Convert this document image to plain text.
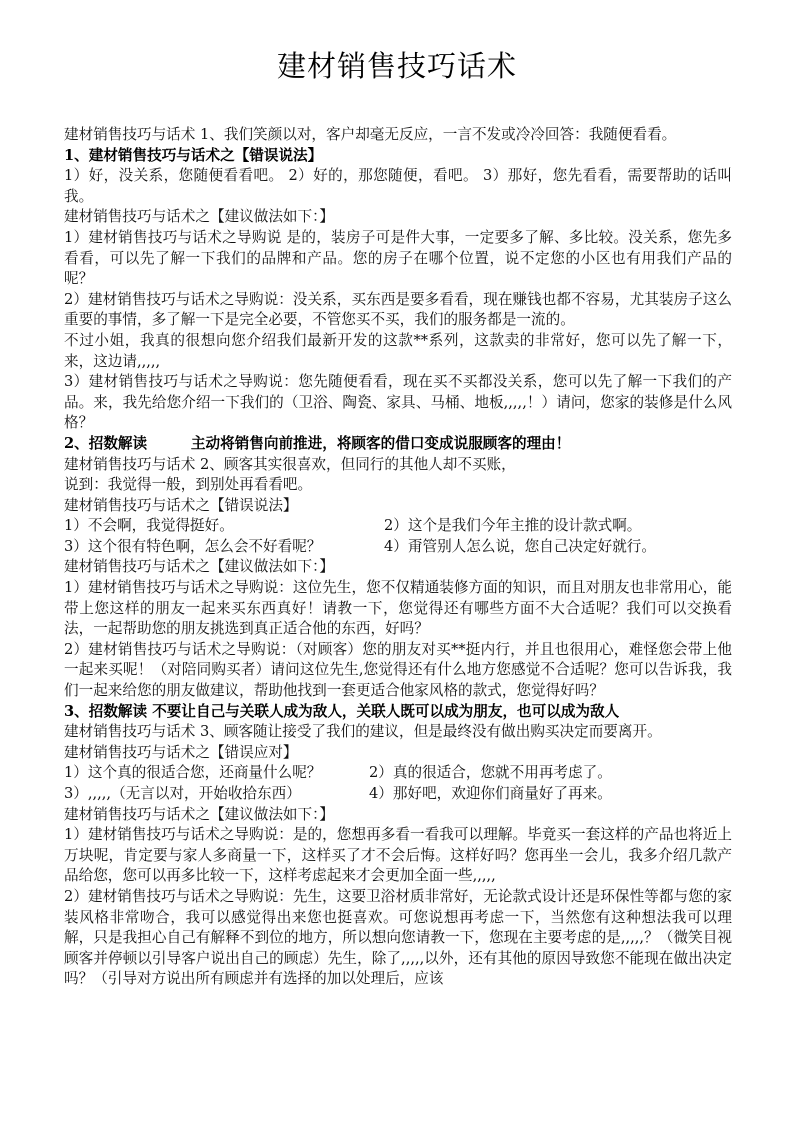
建材销售技巧话术

建材销售技巧与话术 1、我们笑颜以对，客户却毫无反应，一言不发或冷冷回答：我随便看看。

1、建材销售技巧与话术之【错误说法】

1）好，没关系，您随便看看吧。 2）好的，那您随便，看吧。 3）那好，您先看看，需要帮助的话叫我。

建材销售技巧与话术之【建议做法如下：】

1）建材销售技巧与话术之导购说 是的，装房子可是件大事，一定要多了解、多比较。没关系，您先多看看，可以先了解一下我们的品牌和产品。您的房子在哪个位置，说不定您的小区也有用我们产品的呢？

2）建材销售技巧与话术之导购说：没关系，买东西是要多看看，现在赚钱也都不容易，尤其装房子这么重要的事情，多了解一下是完全必要，不管您买不买，我们的服务都是一流的。

不过小姐，我真的很想向您介绍我们最新开发的这款**系列，这款卖的非常好，您可以先了解一下，来，这边请,,,,,

3）建材销售技巧与话术之导购说：您先随便看看，现在买不买都没关系，您可以先了解一下我们的产品。来，我先给您介绍一下我们的（卫浴、陶瓷、家具、马桶、地板,,,,,！）请问，您家的装修是什么风格？

2、招数解读　　　主动将销售向前推进，将顾客的借口变成说服顾客的理由！

建材销售技巧与话术 2、顾客其实很喜欢，但同行的其他人却不买账，

说到：我觉得一般，到别处再看看吧。

建材销售技巧与话术之【错误说法】

1）不会啊，我觉得挺好。	2）这个是我们今年主推的设计款式啊。
3）这个很有特色啊，怎么会不好看呢？	4）甭管别人怎么说，您自己决定好就行。

建材销售技巧与话术之【建议做法如下：】

1）建材销售技巧与话术之导购说：这位先生，您不仅精通装修方面的知识，而且对朋友也非常用心，能带上您这样的朋友一起来买东西真好！请教一下，您觉得还有哪些方面不大合适呢？我们可以交换看法，一起帮助您的朋友挑选到真正适合他的东西，好吗？

2）建材销售技巧与话术之导购说：（对顾客）您的朋友对买**挺内行，并且也很用心，难怪您会带上他一起来买呢！（对陪同购买者）请问这位先生,您觉得还有什么地方您感觉不合适呢？您可以告诉我，我们一起来给您的朋友做建议，帮助他找到一套更适合他家风格的款式，您觉得好吗？

3、招数解读 不要让自己与关联人成为敌人，关联人既可以成为朋友，也可以成为敌人

建材销售技巧与话术 3、顾客随让接受了我们的建议，但是最终没有做出购买决定而要离开。

建材销售技巧与话术之【错误应对】

1）这个真的很适合您，还商量什么呢？	2）真的很适合，您就不用再考虑了。
3）,,,,,（无言以对，开始收拾东西）	4）那好吧，欢迎你们商量好了再来。

建材销售技巧与话术之【建议做法如下：】

1）建材销售技巧与话术之导购说：是的，您想再多看一看我可以理解。毕竟买一套这样的产品也将近上万块呢，肯定要与家人多商量一下，这样买了才不会后悔。这样好吗？您再坐一会儿，我多介绍几款产品给您，您可以再多比较一下，这样考虑起来才会更加全面一些,,,,,

2）建材销售技巧与话术之导购说：先生，这要卫浴材质非常好，无论款式设计还是环保性等都与您的家装风格非常吻合，我可以感觉得出来您也挺喜欢。可您说想再考虑一下，当然您有这种想法我可以理解，只是我担心自己有解释不到位的地方，所以想向您请教一下，您现在主要考虑的是,,,,,？（微笑目视顾客并停顿以引导客户说出自己的顾虑）先生，除了,,,,,以外，还有其他的原因导致您不能现在做出决定吗？（引导对方说出所有顾虑并有选择的加以处理后，应该
